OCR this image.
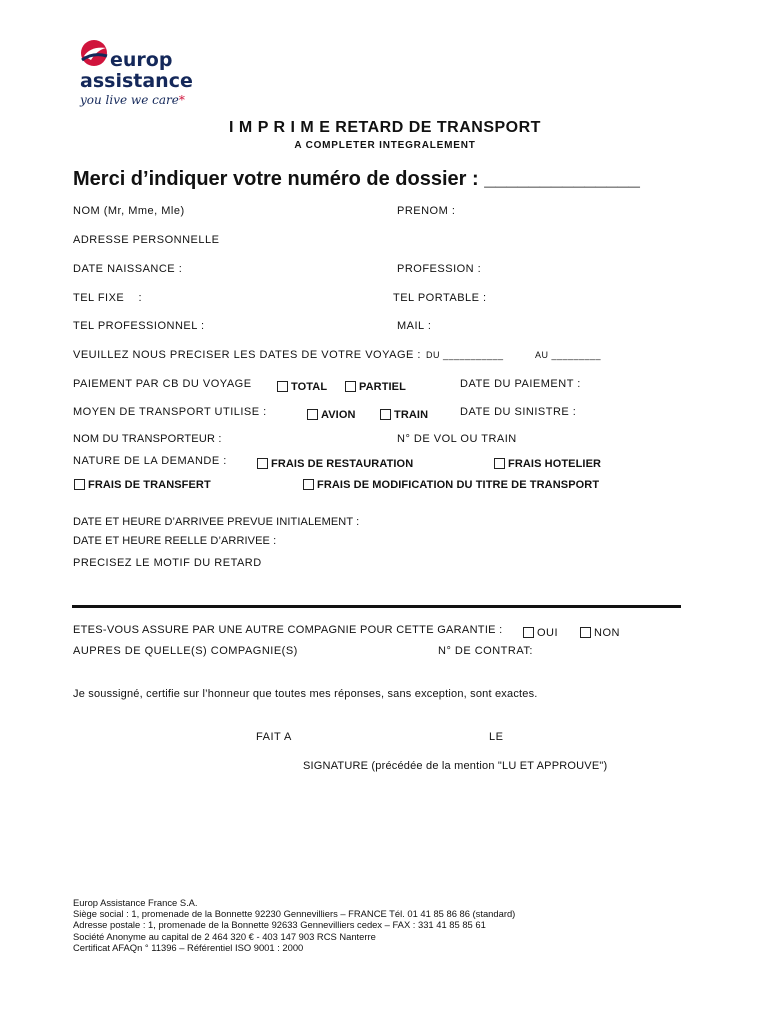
europ
assistance
you live we care*
I M P R I M E RETARD DE TRANSPORT
A COMPLETER INTEGRALEMENT
Merci d’indiquer votre numéro de dossier : ______________
NOM (Mr, Mme, Mle)	PRENOM :
ADRESSE PERSONNELLE
DATE NAISSANCE :	PROFESSION :
TEL FIXE    :	TEL PORTABLE :
TEL PROFESSIONNEL :	MAIL :
VEUILLEZ NOUS PRECISER LES DATES DE VOTRE VOYAGE : DU ___________	AU _________
PAIEMENT PAR CB DU VOYAGE	TOTAL	PARTIEL	DATE DU PAIEMENT :
MOYEN DE TRANSPORT UTILISE :	AVION	TRAIN	DATE DU SINISTRE :
NOM DU TRANSPORTEUR :	N° DE VOL OU TRAIN
NATURE DE LA DEMANDE :	FRAIS DE RESTAURATION	FRAIS HOTELIER
FRAIS DE TRANSFERT	FRAIS DE MODIFICATION DU TITRE DE TRANSPORT
DATE ET HEURE D’ARRIVEE PREVUE INITIALEMENT :
DATE ET HEURE REELLE D’ARRIVEE :
PRECISEZ LE MOTIF DU RETARD
ETES-VOUS ASSURE PAR UNE AUTRE COMPAGNIE POUR CETTE GARANTIE :	OUI	NON
AUPRES DE QUELLE(S) COMPAGNIE(S)	N° DE CONTRAT:
Je soussigné, certifie sur l’honneur que toutes mes réponses, sans exception, sont exactes.
FAIT A	LE
SIGNATURE (précédée de la mention "LU ET APPROUVE")
Europ Assistance France S.A.
Siège social : 1, promenade de la Bonnette 92230 Gennevilliers – FRANCE Tél. 01 41 85 86 86 (standard)
Adresse postale : 1, promenade de la Bonnette 92633 Gennevilliers cedex – FAX : 331 41 85 85 61
Société Anonyme au capital de 2 464 320 € - 403 147 903 RCS Nanterre
Certificat AFAQn ° 11396 – Référentiel ISO 9001 : 2000
